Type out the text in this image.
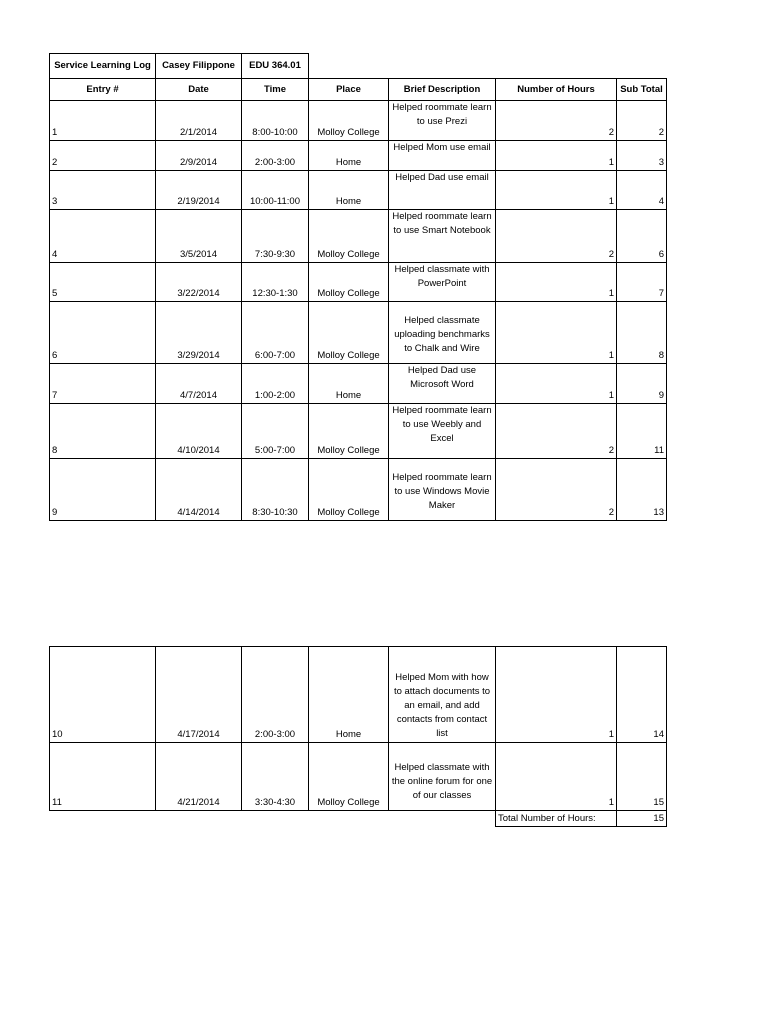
Service Learning Log	Casey Filippone	EDU 364.01				
Entry #	Date	Time	Place	Brief Description	Number of Hours	Sub Total
1	2/1/2014	8:00-10:00	Molloy College	Helped roommate learn to use Prezi	2	2
2	2/9/2014	2:00-3:00	Home	Helped Mom use email	1	3
3	2/19/2014	10:00-11:00	Home	Helped Dad use email	1	4
4	3/5/2014	7:30-9:30	Molloy College	Helped roommate learn to use Smart Notebook	2	6
5	3/22/2014	12:30-1:30	Molloy College	Helped classmate with PowerPoint	1	7
6	3/29/2014	6:00-7:00	Molloy College	Helped classmate uploading benchmarks to Chalk and Wire	1	8
7	4/7/2014	1:00-2:00	Home	Helped Dad use Microsoft Word	1	9
8	4/10/2014	5:00-7:00	Molloy College	Helped roommate learn to use Weebly and Excel	2	11
9	4/14/2014	8:30-10:30	Molloy College	Helped roommate learn to use Windows Movie Maker	2	13
10	4/17/2014	2:00-3:00	Home	Helped Mom with how to attach documents to an email, and add contacts from contact list	1	14
11	4/21/2014	3:30-4:30	Molloy College	Helped classmate with the online forum for one of our classes	1	15
					Total Number of Hours:	15
